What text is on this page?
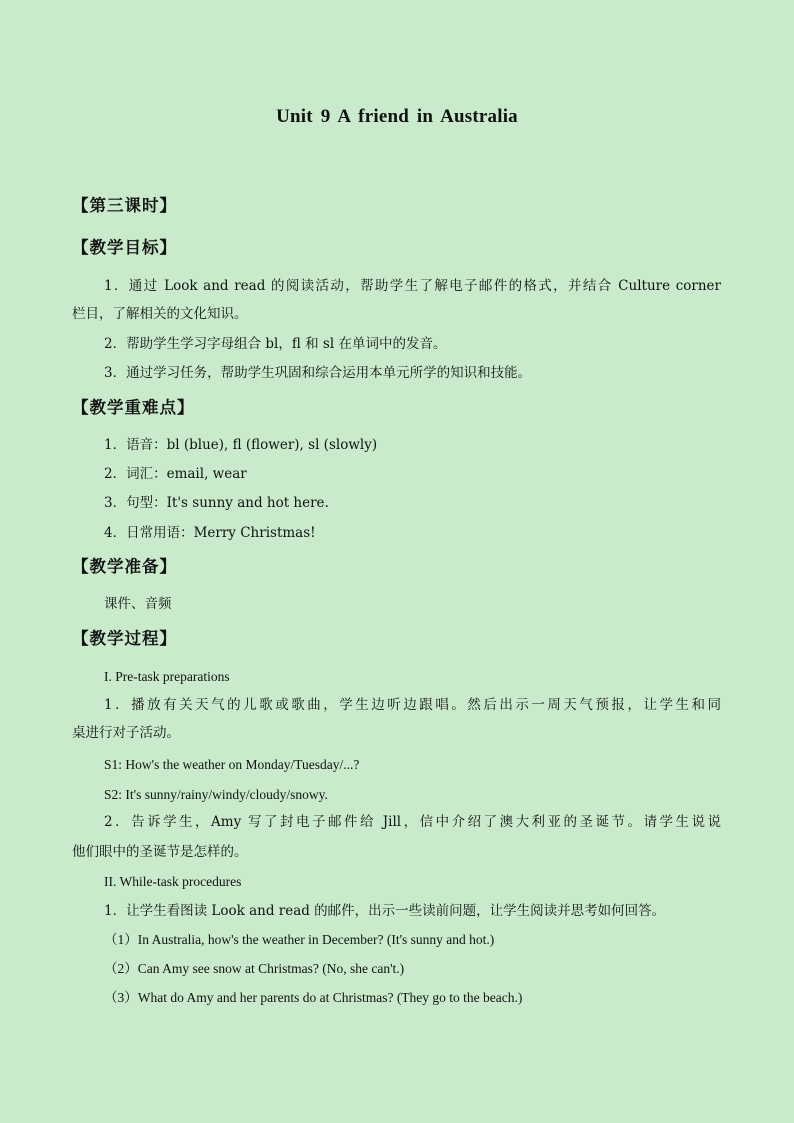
Unit 9 A friend in Australia
【第三课时】
【教学目标】
1．通过 Look and read 的阅读活动，帮助学生了解电子邮件的格式，并结合 Culture corner
栏目，了解相关的文化知识。
2．帮助学生学习字母组合 bl，fl 和 sl 在单词中的发音。
3．通过学习任务，帮助学生巩固和综合运用本单元所学的知识和技能。
【教学重难点】
1．语音：bl (blue), fl (flower), sl (slowly)
2．词汇：email, wear
3．句型：It's sunny and hot here.
4．日常用语：Merry Christmas!
【教学准备】
课件、音频
【教学过程】
I. Pre-task preparations
1．播放有关天气的儿歌或歌曲，学生边听边跟唱。然后出示一周天气预报，让学生和同
桌进行对子活动。
S1: How's the weather on Monday/Tuesday/...?
S2: It's sunny/rainy/windy/cloudy/snowy.
2．告诉学生，Amy 写了封电子邮件给 Jill，信中介绍了澳大利亚的圣诞节。请学生说说
他们眼中的圣诞节是怎样的。
II. While-task procedures
1．让学生看图读 Look and read 的邮件，出示一些读前问题，让学生阅读并思考如何回答。
（1）In Australia, how's the weather in December? (It's sunny and hot.)
（2）Can Amy see snow at Christmas? (No, she can't.)
（3）What do Amy and her parents do at Christmas? (They go to the beach.)
